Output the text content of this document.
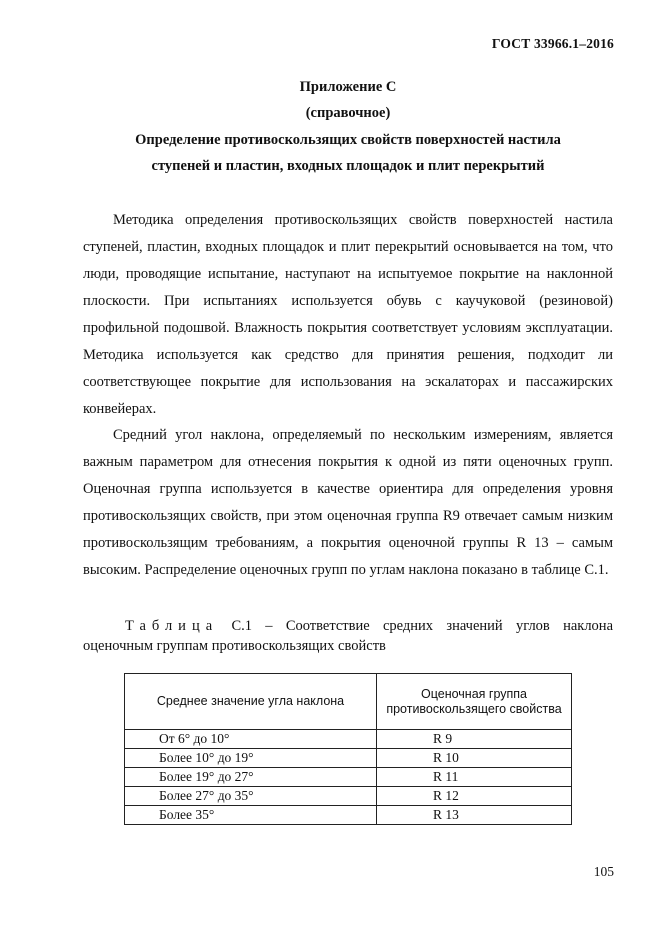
ГОСТ 33966.1–2016
Приложение С
(справочное)
Определение противоскользящих свойств поверхностей настила
ступеней и пластин, входных площадок и плит перекрытий

Методика определения противоскользящих свойств поверхностей настила ступеней, пластин, входных площадок и плит перекрытий основывается на том, что люди, проводящие испытание, наступают на испытуемое покрытие на наклонной плоскости. При испытаниях используется обувь с каучуковой (резиновой) профильной подошвой. Влажность покрытия соответствует условиям эксплуатации. Методика используется как средство для принятия решения, подходит ли соответствующее покрытие для использования на эскалаторах и пассажирских конвейерах.

Средний угол наклона, определяемый по нескольким измерениям, является важным параметром для отнесения покрытия к одной из пяти оценочных групп. Оценочная группа используется в качестве ориентира для определения уровня противоскользящих свойств, при этом оценочная группа R9 отвечает самым низким противоскользящим требованиям, а покрытия оценочной группы R 13 – самым высоким. Распределение оценочных групп по углам наклона показано в таблице С.1.

Таблица С.1 – Соответствие средних значений углов наклона оценочным группам противоскользящих свойств

Среднее значение угла наклона	Оценочная группа противоскользящего свойства
От 6° до 10°	R 9
Более 10° до 19°	R 10
Более 19° до 27°	R 11
Более 27° до 35°	R 12
Более 35°	R 13
105
